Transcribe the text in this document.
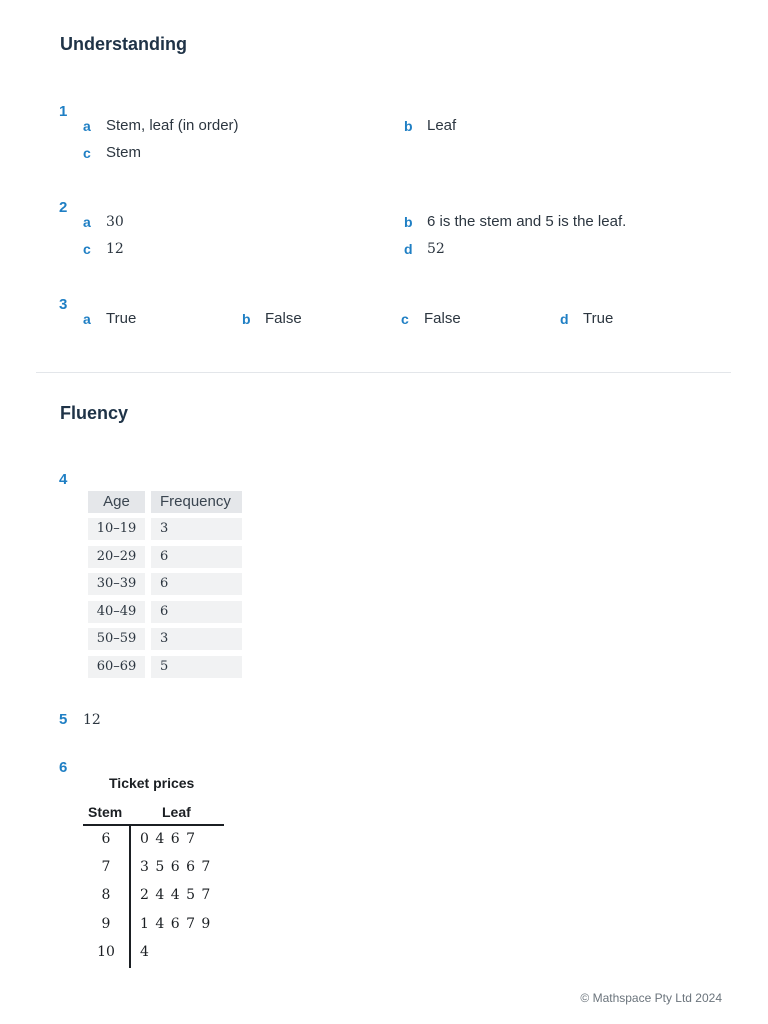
Understanding
1
a Stem, leaf (in order)	b Leaf
c Stem
2
a 30	b 6 is the stem and 5 is the leaf.
c 12	d 52
3
a True	b False	c False	d True
Fluency
4
Age	Frequency
10–19	3
20–29	6
30–39	6
40–49	6
50–59	3
60–69	5
5 12
6
Ticket prices
Stem	Leaf
6	0 4 6 7
7	3 5 6 6 7
8	2 4 4 5 7
9	1 4 6 7 9
10	4
© Mathspace Pty Ltd 2024
